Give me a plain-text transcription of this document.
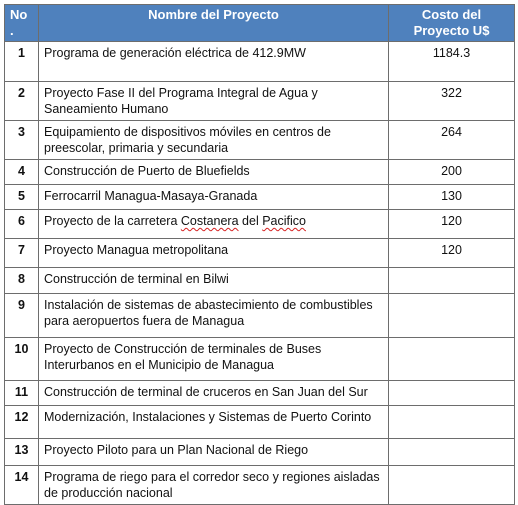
No .	Nombre del Proyecto	Costo del Proyecto U$
1	Programa de generación eléctrica de 412.9MW	1184.3
2	Proyecto Fase II del Programa Integral de Agua y Saneamiento Humano	322
3	Equipamiento de dispositivos móviles en centros de preescolar, primaria y secundaria	264
4	Construcción de Puerto de Bluefields	200
5	Ferrocarril Managua-Masaya-Granada	130
6	Proyecto de la carretera Costanera del Pacifico	120
7	Proyecto Managua metropolitana	120
8	Construcción de terminal en Bilwi	
9	Instalación de sistemas de abastecimiento de combustibles para aeropuertos fuera de Managua	
10	Proyecto de Construcción de terminales de Buses Interurbanos en el Municipio de Managua	
11	Construcción de terminal de cruceros en San Juan del Sur	
12	Modernización, Instalaciones y Sistemas de Puerto Corinto	
13	Proyecto Piloto para un Plan Nacional de Riego	
14	Programa de riego para el corredor seco y regiones aisladas de producción nacional	
